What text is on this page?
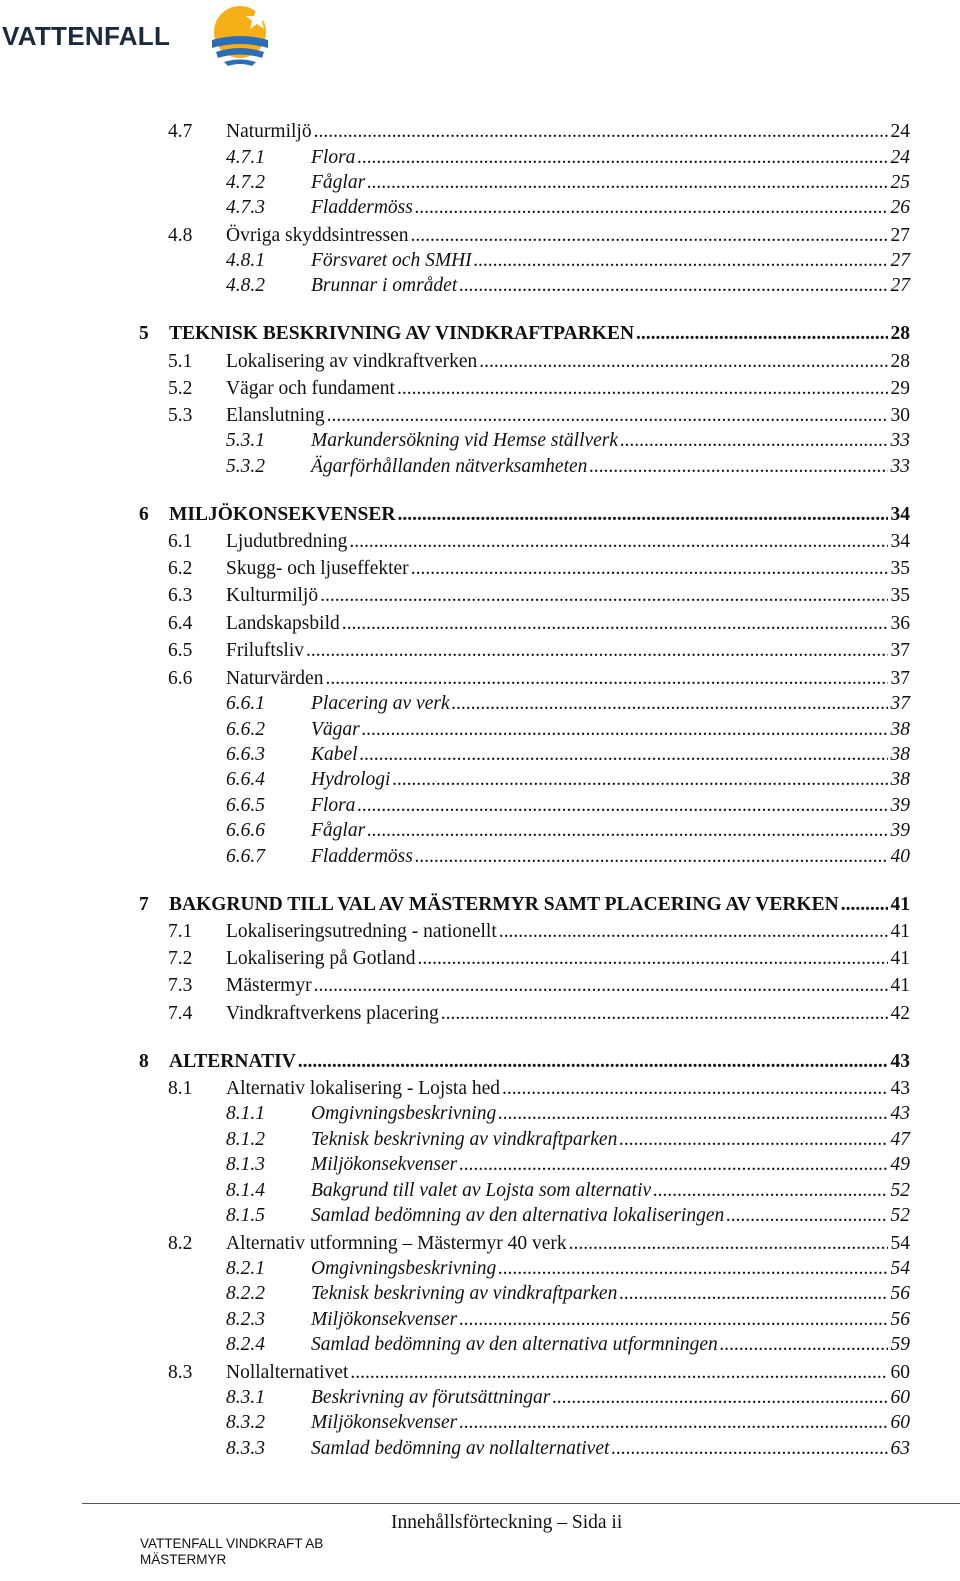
VATTENFALL
4.7	Naturmiljö .....	24
4.7.1	Flora .....	24
4.7.2	Fåglar .....	25
4.7.3	Fladdermöss .....	26
4.8	Övriga skyddsintressen .....	27
4.8.1	Försvaret och SMHI .....	27
4.8.2	Brunnar i området .....	27
5	TEKNISK BESKRIVNING AV VINDKRAFTPARKEN .....	28
5.1	Lokalisering av vindkraftverken .....	28
5.2	Vägar och fundament .....	29
5.3	Elanslutning .....	30
5.3.1	Markundersökning vid Hemse ställverk .....	33
5.3.2	Ägarförhållanden nätverksamheten .....	33
6	MILJÖKONSEKVENSER .....	34
6.1	Ljudutbredning .....	34
6.2	Skugg- och ljuseffekter .....	35
6.3	Kulturmiljö .....	35
6.4	Landskapsbild .....	36
6.5	Friluftsliv .....	37
6.6	Naturvärden .....	37
6.6.1	Placering av verk .....	37
6.6.2	Vägar .....	38
6.6.3	Kabel .....	38
6.6.4	Hydrologi .....	38
6.6.5	Flora .....	39
6.6.6	Fåglar .....	39
6.6.7	Fladdermöss .....	40
7	BAKGRUND TILL VAL AV MÄSTERMYR SAMT PLACERING AV VERKEN .....	41
7.1	Lokaliseringsutredning - nationellt .....	41
7.2	Lokalisering på Gotland .....	41
7.3	Mästermyr .....	41
7.4	Vindkraftverkens placering .....	42
8	ALTERNATIV .....	43
8.1	Alternativ lokalisering - Lojsta hed .....	43
8.1.1	Omgivningsbeskrivning .....	43
8.1.2	Teknisk beskrivning av vindkraftparken .....	47
8.1.3	Miljökonsekvenser .....	49
8.1.4	Bakgrund till valet av Lojsta som alternativ .....	52
8.1.5	Samlad bedömning av den alternativa lokaliseringen .....	52
8.2	Alternativ utformning – Mästermyr 40 verk .....	54
8.2.1	Omgivningsbeskrivning .....	54
8.2.2	Teknisk beskrivning av vindkraftparken .....	56
8.2.3	Miljökonsekvenser .....	56
8.2.4	Samlad bedömning av den alternativa utformningen .....	59
8.3	Nollalternativet .....	60
8.3.1	Beskrivning av förutsättningar .....	60
8.3.2	Miljökonsekvenser .....	60
8.3.3	Samlad bedömning av nollalternativet .....	63
Innehållsförteckning – Sida ii
VATTENFALL VINDKRAFT AB
MÄSTERMYR
